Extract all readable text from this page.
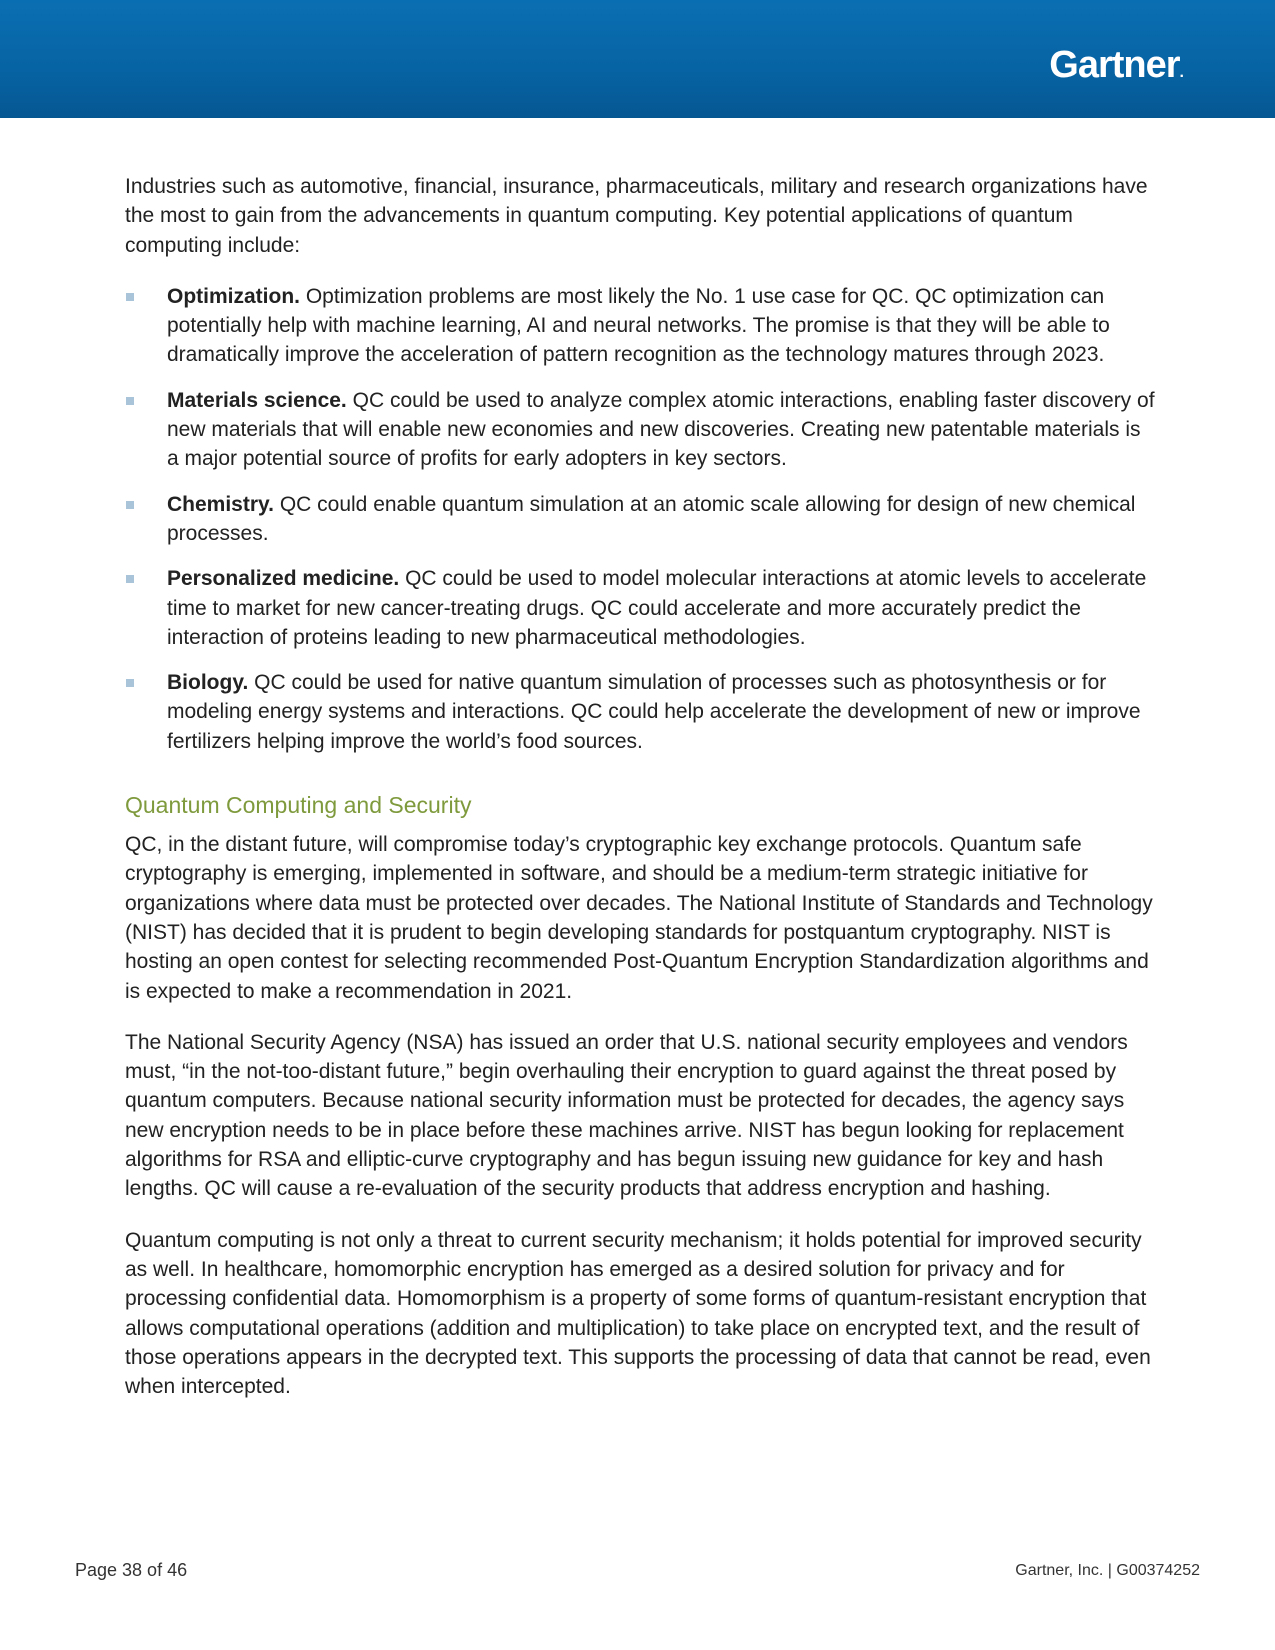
Gartner.

Industries such as automotive, financial, insurance, pharmaceuticals, military and research organizations have the most to gain from the advancements in quantum computing. Key potential applications of quantum computing include:

Optimization. Optimization problems are most likely the No. 1 use case for QC. QC optimization can potentially help with machine learning, AI and neural networks. The promise is that they will be able to dramatically improve the acceleration of pattern recognition as the technology matures through 2023.
Materials science. QC could be used to analyze complex atomic interactions, enabling faster discovery of new materials that will enable new economies and new discoveries. Creating new patentable materials is a major potential source of profits for early adopters in key sectors.
Chemistry. QC could enable quantum simulation at an atomic scale allowing for design of new chemical processes.
Personalized medicine. QC could be used to model molecular interactions at atomic levels to accelerate time to market for new cancer-treating drugs. QC could accelerate and more accurately predict the interaction of proteins leading to new pharmaceutical methodologies.
Biology. QC could be used for native quantum simulation of processes such as photosynthesis or for modeling energy systems and interactions. QC could help accelerate the development of new or improve fertilizers helping improve the world’s food sources.
Quantum Computing and Security

QC, in the distant future, will compromise today’s cryptographic key exchange protocols. Quantum safe cryptography is emerging, implemented in software, and should be a medium-term strategic initiative for organizations where data must be protected over decades. The National Institute of Standards and Technology (NIST) has decided that it is prudent to begin developing standards for postquantum cryptography. NIST is hosting an open contest for selecting recommended Post-Quantum Encryption Standardization algorithms and is expected to make a recommendation in 2021.

The National Security Agency (NSA) has issued an order that U.S. national security employees and vendors must, “in the not-too-distant future,” begin overhauling their encryption to guard against the threat posed by quantum computers. Because national security information must be protected for decades, the agency says new encryption needs to be in place before these machines arrive. NIST has begun looking for replacement algorithms for RSA and elliptic-curve cryptography and has begun issuing new guidance for key and hash lengths. QC will cause a re-evaluation of the security products that address encryption and hashing.

Quantum computing is not only a threat to current security mechanism; it holds potential for improved security as well. In healthcare, homomorphic encryption has emerged as a desired solution for privacy and for processing confidential data. Homomorphism is a property of some forms of quantum-resistant encryption that allows computational operations (addition and multiplication) to take place on encrypted text, and the result of those operations appears in the decrypted text. This supports the processing of data that cannot be read, even when intercepted.

Page 38 of 46	Gartner, Inc. | G00374252
